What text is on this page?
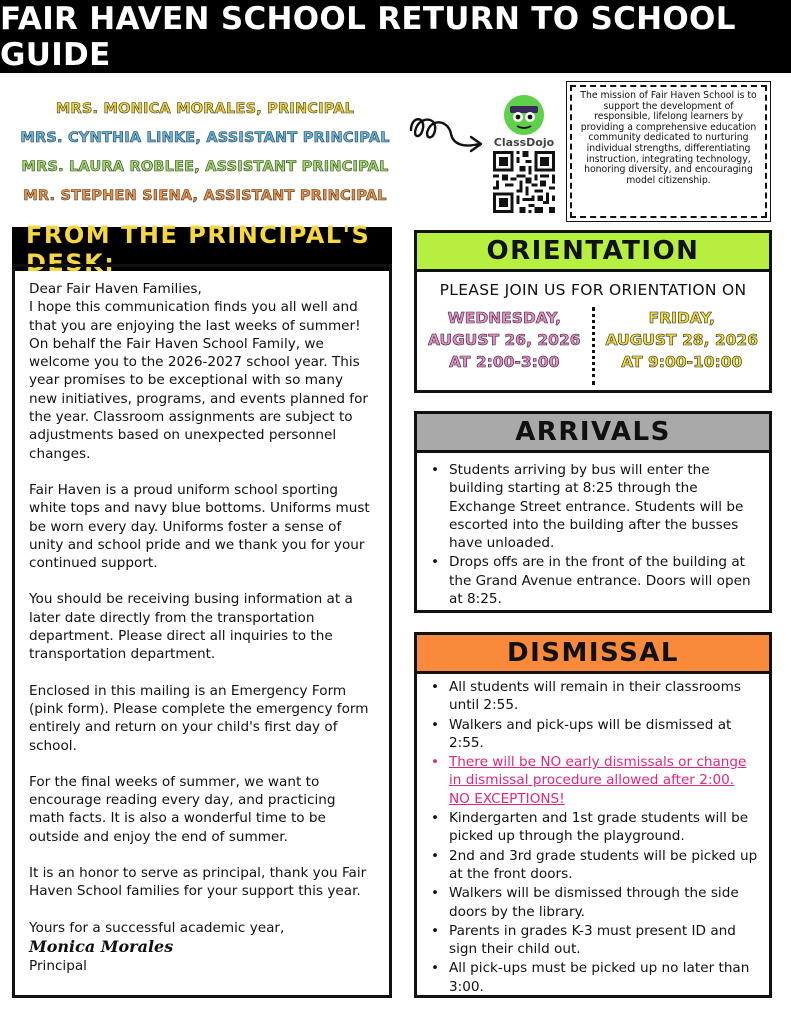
FAIR HAVEN SCHOOL RETURN TO SCHOOL GUIDE
MRS. MONICA MORALES, PRINCIPAL
MRS. CYNTHIA LINKE, ASSISTANT PRINCIPAL
MRS. LAURA ROBLEE, ASSISTANT PRINCIPAL
MR. STEPHEN SIENA, ASSISTANT PRINCIPAL
ClassDojo
The mission of Fair Haven School is to support the development of responsible, lifelong learners by providing a comprehensive education community dedicated to nurturing individual strengths, differentiating instruction, integrating technology, honoring diversity, and encouraging model citizenship.
FROM THE PRINCIPAL'S DESK:
Dear Fair Haven Families,

I hope this communication finds you all well and that you are enjoying the last weeks of summer! On behalf the Fair Haven School Family, we welcome you to the 2026-2027 school year. This year promises to be exceptional with so many new initiatives, programs, and events planned for the year. Classroom assignments are subject to adjustments based on unexpected personnel changes.

Fair Haven is a proud uniform school sporting white tops and navy blue bottoms. Uniforms must be worn every day. Uniforms foster a sense of unity and school pride and we thank you for your continued support.

You should be receiving busing information at a later date directly from the transportation department. Please direct all inquiries to the transportation department.

Enclosed in this mailing is an Emergency Form (pink form). Please complete the emergency form entirely and return on your child's first day of school.

For the final weeks of summer, we want to encourage reading every day, and practicing math facts. It is also a wonderful time to be outside and enjoy the end of summer.

It is an honor to serve as principal, thank you Fair Haven School families for your support this year.

Yours for a successful academic year,
Monica Morales
Principal
ORIENTATION
PLEASE JOIN US FOR ORIENTATION ON
WEDNESDAY,
AUGUST 26, 2026
AT 2:00-3:00
FRIDAY,
AUGUST 28, 2026
AT 9:00-10:00
ARRIVALS
• Students arriving by bus will enter the building starting at 8:25 through the Exchange Street entrance. Students will be escorted into the building after the busses have unloaded.
• Drops offs are in the front of the building at the Grand Avenue entrance. Doors will open at 8:25.
DISMISSAL
• All students will remain in their classrooms until 2:55.
• Walkers and pick-ups will be dismissed at 2:55.
• There will be NO early dismissals or change in dismissal procedure allowed after 2:00. NO EXCEPTIONS!
• Kindergarten and 1st grade students will be picked up through the playground.
• 2nd and 3rd grade students will be picked up at the front doors.
• Walkers will be dismissed through the side doors by the library.
• Parents in grades K-3 must present ID and sign their child out.
• All pick-ups must be picked up no later than 3:00.
